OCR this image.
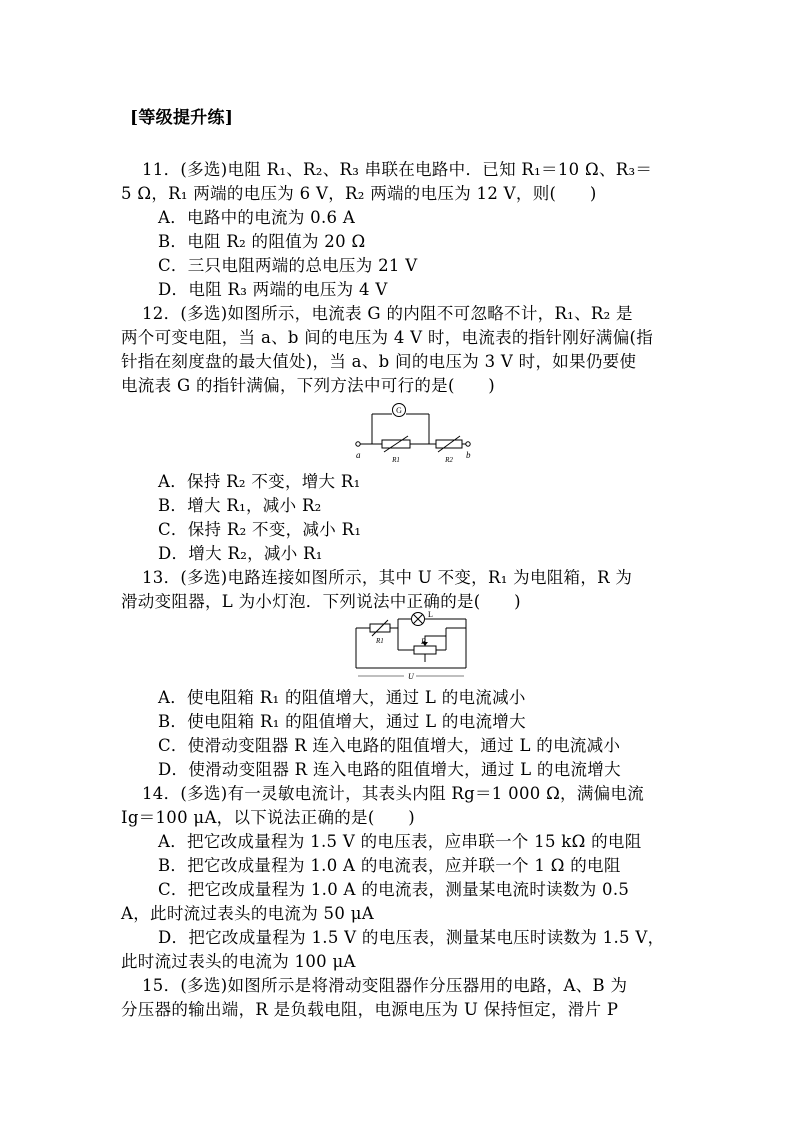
[等级提升练]
11．(多选)电阻 R₁、R₂、R₃ 串联在电路中．已知 R₁＝10 Ω、R₃＝
5 Ω，R₁ 两端的电压为 6 V，R₂ 两端的电压为 12 V，则(　　)
A．电路中的电流为 0.6 A
B．电阻 R₂ 的阻值为 20 Ω
C．三只电阻两端的总电压为 21 V
D．电阻 R₃ 两端的电压为 4 V
12．(多选)如图所示，电流表 G 的内阻不可忽略不计，R₁、R₂ 是
两个可变电阻，当 a、b 间的电压为 4 V 时，电流表的指针刚好满偏(指
针指在刻度盘的最大值处)，当 a、b 间的电压为 3 V 时，如果仍要使
电流表 G 的指针满偏，下列方法中可行的是(　　)
G
a	b
R1	R2
A．保持 R₂ 不变，增大 R₁
B．增大 R₁，减小 R₂
C．保持 R₂ 不变，减小 R₁
D．增大 R₂，减小 R₁
13．(多选)电路连接如图所示，其中 U 不变，R₁ 为电阻箱，R 为
滑动变阻器，L 为小灯泡．下列说法中正确的是(　　)
L
R1	R
U
A．使电阻箱 R₁ 的阻值增大，通过 L 的电流减小
B．使电阻箱 R₁ 的阻值增大，通过 L 的电流增大
C．使滑动变阻器 R 连入电路的阻值增大，通过 L 的电流减小
D．使滑动变阻器 R 连入电路的阻值增大，通过 L 的电流增大
14．(多选)有一灵敏电流计，其表头内阻 Rg＝1 000 Ω，满偏电流
Ig＝100 μA，以下说法正确的是(　　)
A．把它改成量程为 1.5 V 的电压表，应串联一个 15 kΩ 的电阻
B．把它改成量程为 1.0 A 的电流表，应并联一个 1 Ω 的电阻
C．把它改成量程为 1.0 A 的电流表，测量某电流时读数为 0.5
A，此时流过表头的电流为 50 μA
D．把它改成量程为 1.5 V 的电压表，测量某电压时读数为 1.5 V，
此时流过表头的电流为 100 μA
15．(多选)如图所示是将滑动变阻器作分压器用的电路，A、B 为
分压器的输出端，R 是负载电阻，电源电压为 U 保持恒定，滑片 P
